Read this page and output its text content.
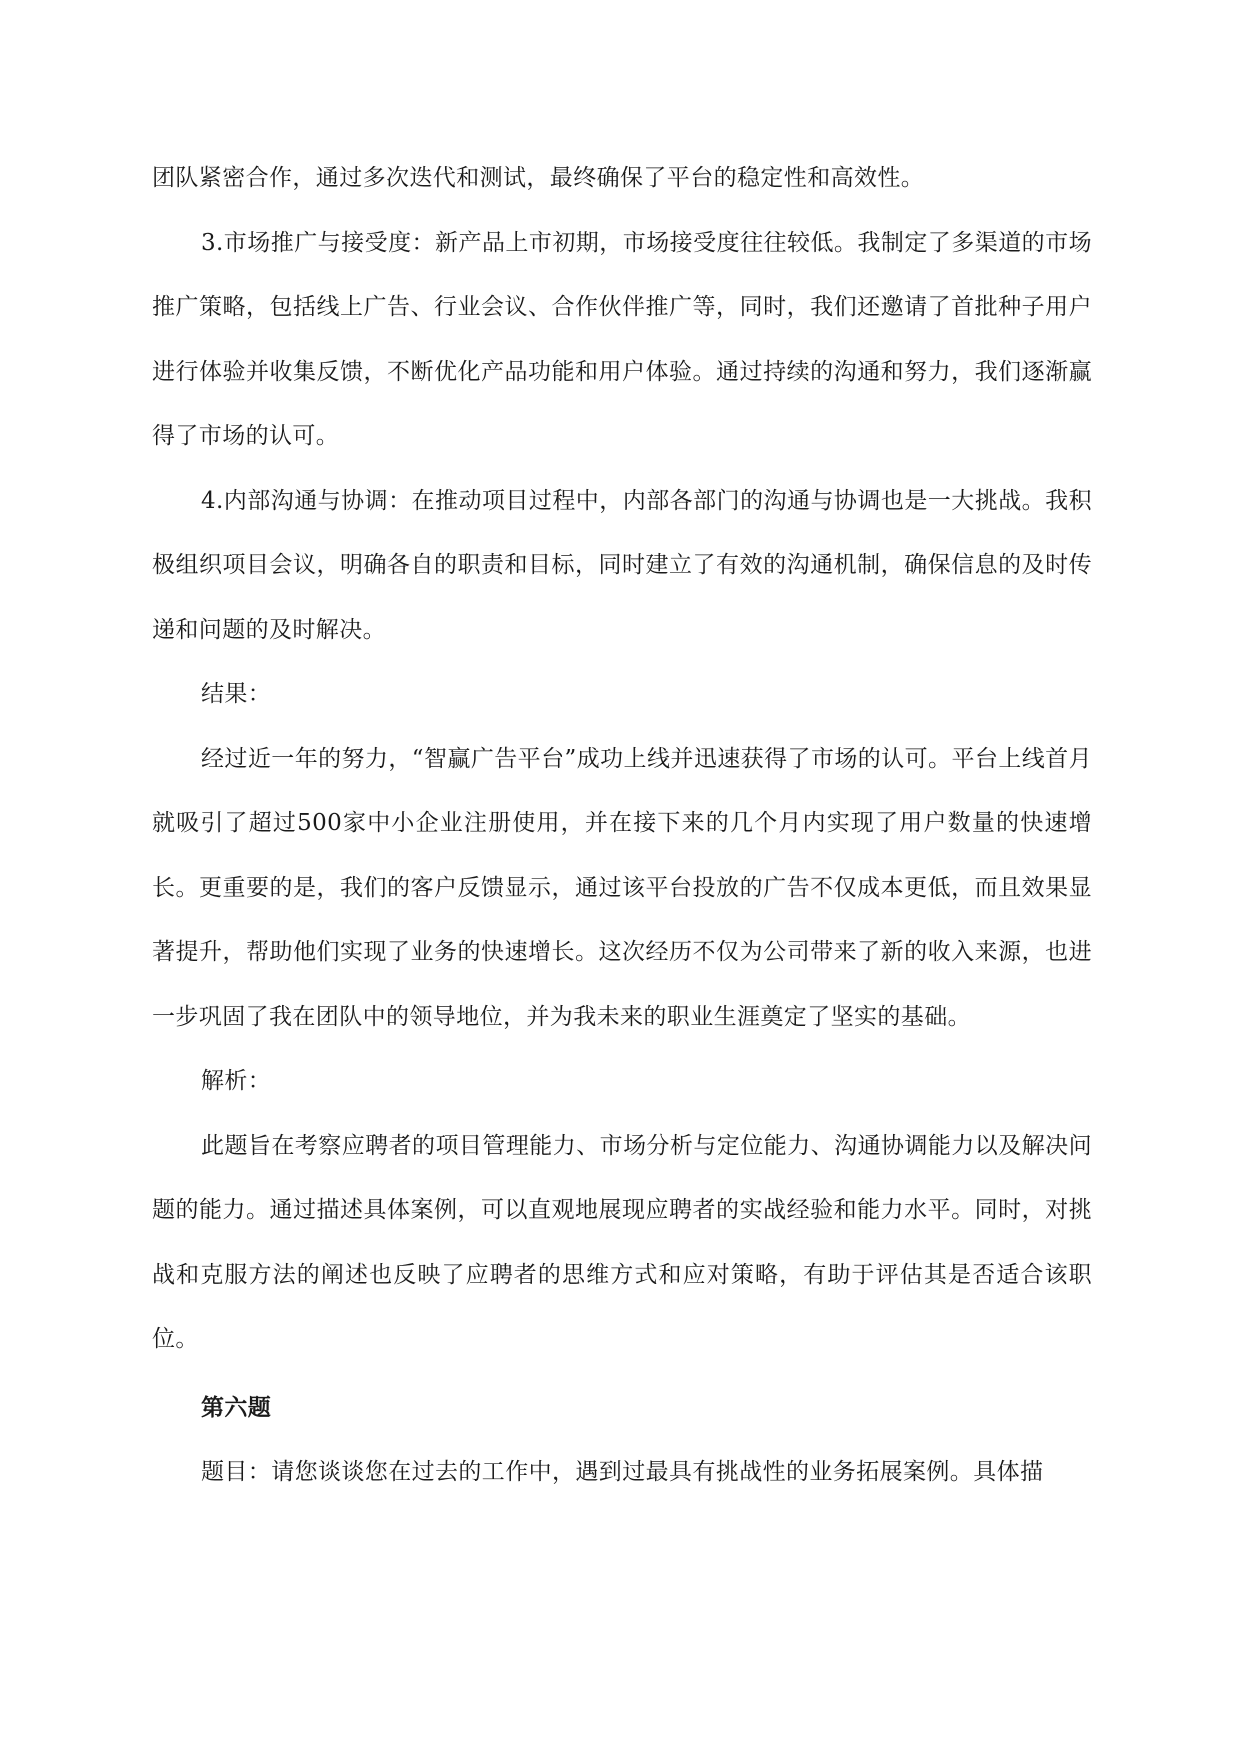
团队紧密合作，通过多次迭代和测试，最终确保了平台的稳定性和高效性。

3.市场推广与接受度：新产品上市初期，市场接受度往往较低。我制定了多渠道的市场推广策略，包括线上广告、行业会议、合作伙伴推广等，同时，我们还邀请了首批种子用户进行体验并收集反馈，不断优化产品功能和用户体验。通过持续的沟通和努力，我们逐渐赢得了市场的认可。

4.内部沟通与协调：在推动项目过程中，内部各部门的沟通与协调也是一大挑战。我积极组织项目会议，明确各自的职责和目标，同时建立了有效的沟通机制，确保信息的及时传递和问题的及时解决。

结果：

经过近一年的努力，“智赢广告平台”成功上线并迅速获得了市场的认可。平台上线首月就吸引了超过500家中小企业注册使用，并在接下来的几个月内实现了用户数量的快速增长。更重要的是，我们的客户反馈显示，通过该平台投放的广告不仅成本更低，而且效果显著提升，帮助他们实现了业务的快速增长。这次经历不仅为公司带来了新的收入来源，也进一步巩固了我在团队中的领导地位，并为我未来的职业生涯奠定了坚实的基础。

解析：

此题旨在考察应聘者的项目管理能力、市场分析与定位能力、沟通协调能力以及解决问题的能力。通过描述具体案例，可以直观地展现应聘者的实战经验和能力水平。同时，对挑战和克服方法的阐述也反映了应聘者的思维方式和应对策略，有助于评估其是否适合该职位。

第六题

题目：请您谈谈您在过去的工作中，遇到过最具有挑战性的业务拓展案例。具体描
